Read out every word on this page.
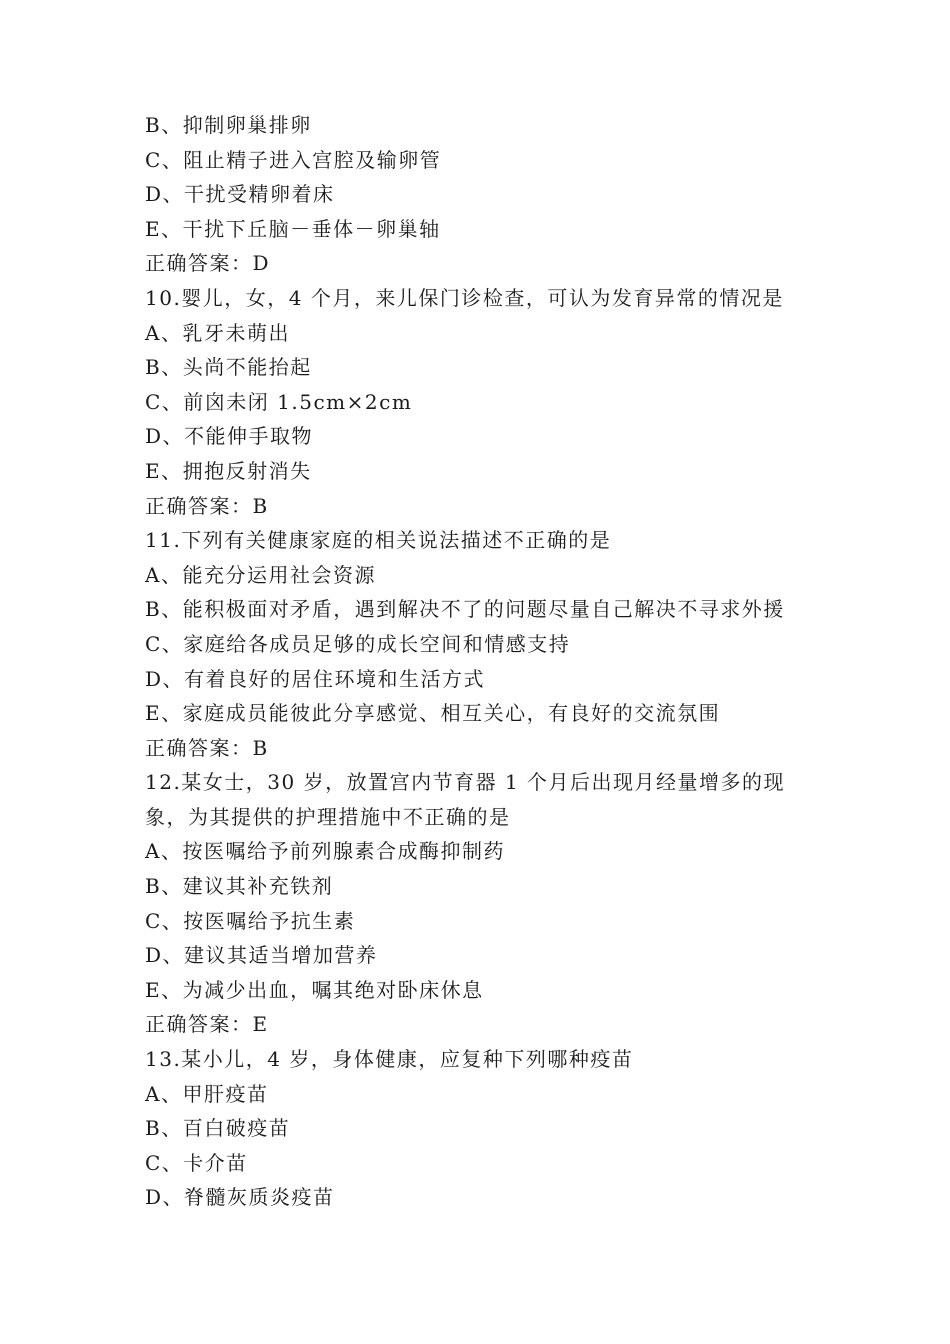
B、抑制卵巢排卵
C、阻止精子进入宫腔及输卵管
D、干扰受精卵着床
E、干扰下丘脑－垂体－卵巢轴
正确答案：D
10.婴儿，女，4 个月，来儿保门诊检查，可认为发育异常的情况是
A、乳牙未萌出
B、头尚不能抬起
C、前囟未闭 1.5cm×2cm
D、不能伸手取物
E、拥抱反射消失
正确答案：B
11.下列有关健康家庭的相关说法描述不正确的是
A、能充分运用社会资源
B、能积极面对矛盾，遇到解决不了的问题尽量自己解决不寻求外援
C、家庭给各成员足够的成长空间和情感支持
D、有着良好的居住环境和生活方式
E、家庭成员能彼此分享感觉、相互关心，有良好的交流氛围
正确答案：B
12.某女士，30 岁，放置宫内节育器 1 个月后出现月经量增多的现
象，为其提供的护理措施中不正确的是
A、按医嘱给予前列腺素合成酶抑制药
B、建议其补充铁剂
C、按医嘱给予抗生素
D、建议其适当增加营养
E、为减少出血，嘱其绝对卧床休息
正确答案：E
13.某小儿，4 岁，身体健康，应复种下列哪种疫苗
A、甲肝疫苗
B、百白破疫苗
C、卡介苗
D、脊髓灰质炎疫苗
